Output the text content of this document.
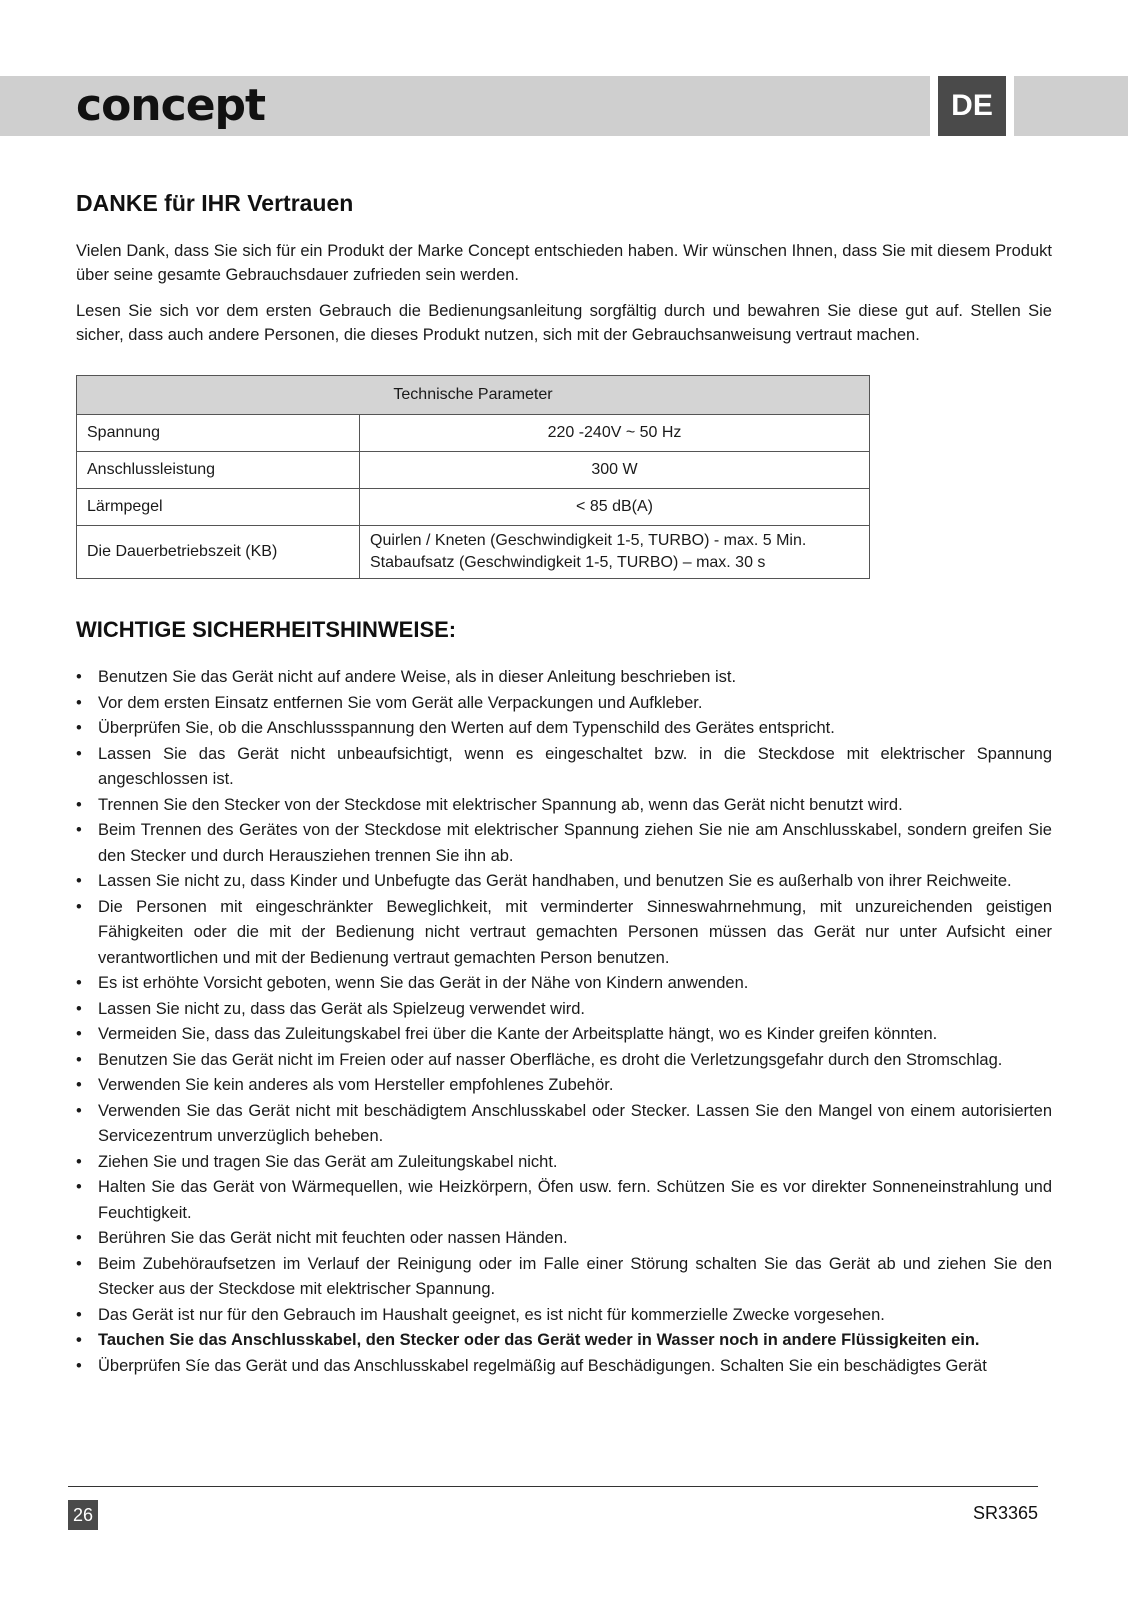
concept	DE
DANKE für IHR Vertrauen

Vielen Dank, dass Sie sich für ein Produkt der Marke Concept entschieden haben. Wir wünschen Ihnen, dass Sie mit diesem Produkt über seine gesamte Gebrauchsdauer zufrieden sein werden.

Lesen Sie sich vor dem ersten Gebrauch die Bedienungsanleitung sorgfältig durch und bewahren Sie diese gut auf. Stellen Sie sicher, dass auch andere Personen, die dieses Produkt nutzen, sich mit der Gebrauchsanweisung vertraut machen.

Technische Parameter	
Spannung	220 -240V ~ 50 Hz
Anschlussleistung	300 W
Lärmpegel	< 85 dB(A)
Die Dauerbetriebszeit (KB)	Quirlen / Kneten (Geschwindigkeit 1-5, TURBO) - max. 5 Min.
Stabaufsatz (Geschwindigkeit 1-5, TURBO) – max. 30 s
WICHTIGE SICHERHEITSHINWEISE:
• Benutzen Sie das Gerät nicht auf andere Weise, als in dieser Anleitung beschrieben ist.
• Vor dem ersten Einsatz entfernen Sie vom Gerät alle Verpackungen und Aufkleber.
• Überprüfen Sie, ob die Anschlussspannung den Werten auf dem Typenschild des Gerätes entspricht.
• Lassen Sie das Gerät nicht unbeaufsichtigt, wenn es eingeschaltet bzw. in die Steckdose mit elektrischer Spannung angeschlossen ist.
• Trennen Sie den Stecker von der Steckdose mit elektrischer Spannung ab, wenn das Gerät nicht benutzt wird.
• Beim Trennen des Gerätes von der Steckdose mit elektrischer Spannung ziehen Sie nie am Anschlusskabel, sondern greifen Sie den Stecker und durch Herausziehen trennen Sie ihn ab.
• Lassen Sie nicht zu, dass Kinder und Unbefugte das Gerät handhaben, und benutzen Sie es außerhalb von ihrer Reichweite.
• Die Personen mit eingeschränkter Beweglichkeit, mit verminderter Sinneswahrnehmung, mit unzureichenden geistigen Fähigkeiten oder die mit der Bedienung nicht vertraut gemachten Personen müssen das Gerät nur unter Aufsicht einer verantwortlichen und mit der Bedienung vertraut gemachten Person benutzen.
• Es ist erhöhte Vorsicht geboten, wenn Sie das Gerät in der Nähe von Kindern anwenden.
• Lassen Sie nicht zu, dass das Gerät als Spielzeug verwendet wird.
• Vermeiden Sie, dass das Zuleitungskabel frei über die Kante der Arbeitsplatte hängt, wo es Kinder greifen könnten.
• Benutzen Sie das Gerät nicht im Freien oder auf nasser Oberfläche, es droht die Verletzungsgefahr durch den Stromschlag.
• Verwenden Sie kein anderes als vom Hersteller empfohlenes Zubehör.
• Verwenden Sie das Gerät nicht mit beschädigtem Anschlusskabel oder Stecker. Lassen Sie den Mangel von einem autorisierten Servicezentrum unverzüglich beheben.
• Ziehen Sie und tragen Sie das Gerät am Zuleitungskabel nicht.
• Halten Sie das Gerät von Wärmequellen, wie Heizkörpern, Öfen usw. fern. Schützen Sie es vor direkter Sonneneinstrahlung und Feuchtigkeit.
• Berühren Sie das Gerät nicht mit feuchten oder nassen Händen.
• Beim Zubehöraufsetzen im Verlauf der Reinigung oder im Falle einer Störung schalten Sie das Gerät ab und ziehen Sie den Stecker aus der Steckdose mit elektrischer Spannung.
• Das Gerät ist nur für den Gebrauch im Haushalt geeignet, es ist nicht für kommerzielle Zwecke vorgesehen.
• Tauchen Sie das Anschlusskabel, den Stecker oder das Gerät weder in Wasser noch in andere Flüssigkeiten ein.
• Überprüfen Síe das Gerät und das Anschlusskabel regelmäßig auf Beschädigungen. Schalten Sie ein beschädigtes Gerät
26	SR3365
